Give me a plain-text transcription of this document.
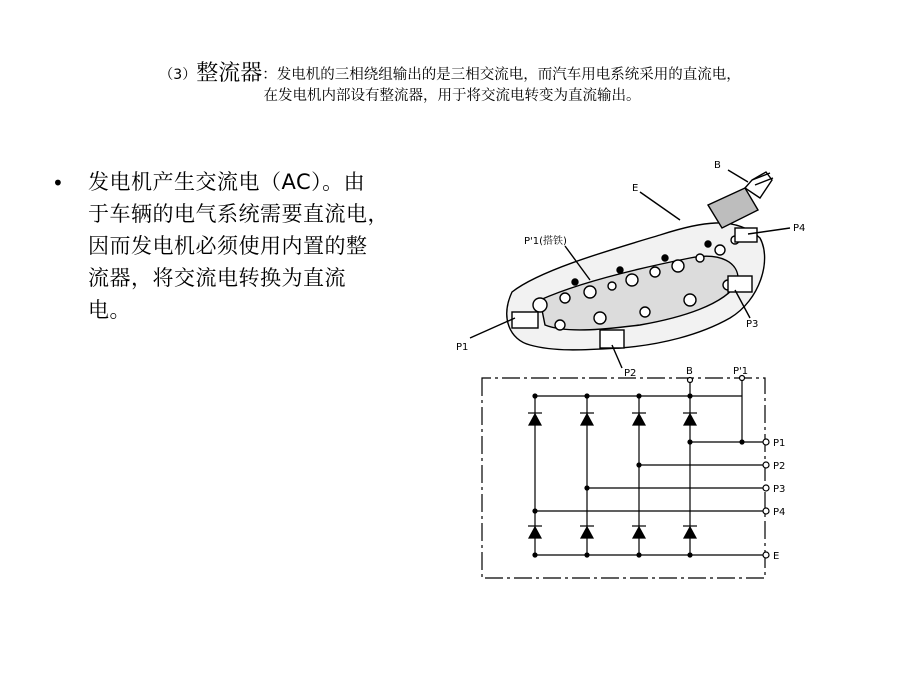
（3）整流器：发电机的三相绕组输出的是三相交流电，而汽车用电系统采用的直流电，
在发电机内部设有整流器，用于将交流电转变为直流输出。
• 发电机产生交流电（AC）。由
于车辆的电气系统需要直流电，
因而发电机必须使用内置的整
流器，将交流电转换为直流
电。
B
E
P'1(搭铁)
P4
P3
P1
P2	B	P'1
P1
P2
P3
P4
E
